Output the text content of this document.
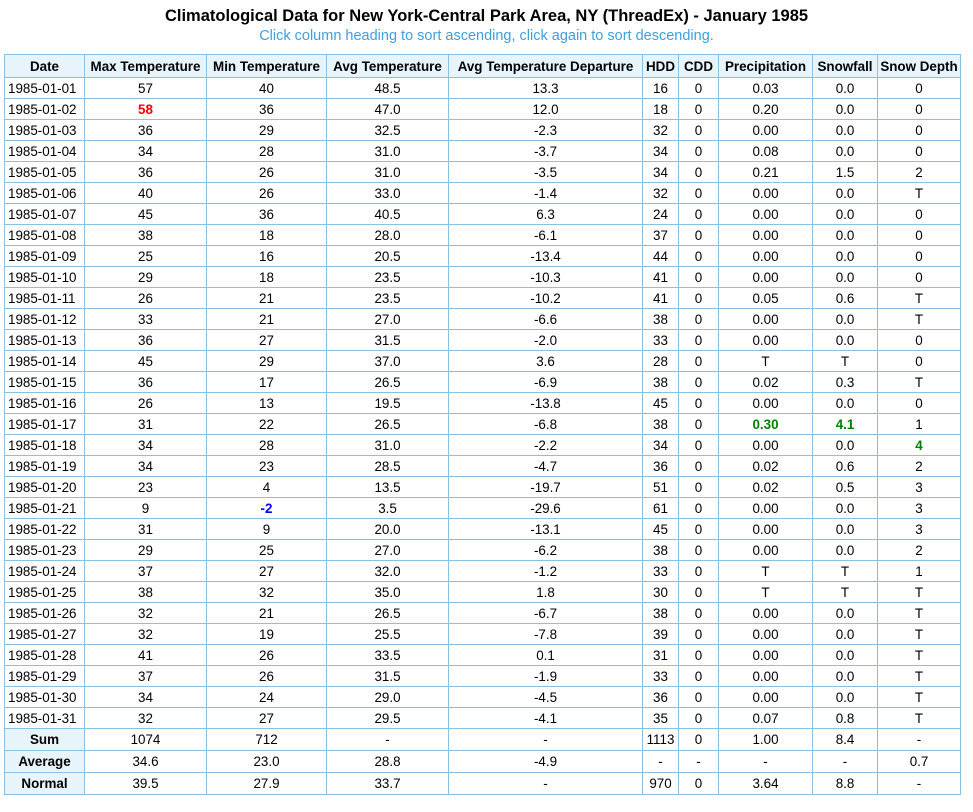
Climatological Data for New York-Central Park Area, NY (ThreadEx) - January 1985
Click column heading to sort ascending, click again to sort descending.
Date	Max Temperature	Min Temperature	Avg Temperature	Avg Temperature Departure	HDD	CDD	Precipitation	Snowfall	Snow Depth
1985-01-01	57	40	48.5	13.3	16	0	0.03	0.0	0
1985-01-02	58	36	47.0	12.0	18	0	0.20	0.0	0
1985-01-03	36	29	32.5	-2.3	32	0	0.00	0.0	0
1985-01-04	34	28	31.0	-3.7	34	0	0.08	0.0	0
1985-01-05	36	26	31.0	-3.5	34	0	0.21	1.5	2
1985-01-06	40	26	33.0	-1.4	32	0	0.00	0.0	T
1985-01-07	45	36	40.5	6.3	24	0	0.00	0.0	0
1985-01-08	38	18	28.0	-6.1	37	0	0.00	0.0	0
1985-01-09	25	16	20.5	-13.4	44	0	0.00	0.0	0
1985-01-10	29	18	23.5	-10.3	41	0	0.00	0.0	0
1985-01-11	26	21	23.5	-10.2	41	0	0.05	0.6	T
1985-01-12	33	21	27.0	-6.6	38	0	0.00	0.0	T
1985-01-13	36	27	31.5	-2.0	33	0	0.00	0.0	0
1985-01-14	45	29	37.0	3.6	28	0	T	T	0
1985-01-15	36	17	26.5	-6.9	38	0	0.02	0.3	T
1985-01-16	26	13	19.5	-13.8	45	0	0.00	0.0	0
1985-01-17	31	22	26.5	-6.8	38	0	0.30	4.1	1
1985-01-18	34	28	31.0	-2.2	34	0	0.00	0.0	4
1985-01-19	34	23	28.5	-4.7	36	0	0.02	0.6	2
1985-01-20	23	4	13.5	-19.7	51	0	0.02	0.5	3
1985-01-21	9	-2	3.5	-29.6	61	0	0.00	0.0	3
1985-01-22	31	9	20.0	-13.1	45	0	0.00	0.0	3
1985-01-23	29	25	27.0	-6.2	38	0	0.00	0.0	2
1985-01-24	37	27	32.0	-1.2	33	0	T	T	1
1985-01-25	38	32	35.0	1.8	30	0	T	T	T
1985-01-26	32	21	26.5	-6.7	38	0	0.00	0.0	T
1985-01-27	32	19	25.5	-7.8	39	0	0.00	0.0	T
1985-01-28	41	26	33.5	0.1	31	0	0.00	0.0	T
1985-01-29	37	26	31.5	-1.9	33	0	0.00	0.0	T
1985-01-30	34	24	29.0	-4.5	36	0	0.00	0.0	T
1985-01-31	32	27	29.5	-4.1	35	0	0.07	0.8	T
Sum	1074	712	-	-	1113	0	1.00	8.4	-
Average	34.6	23.0	28.8	-4.9	-	-	-	-	0.7
Normal	39.5	27.9	33.7	-	970	0	3.64	8.8	-
